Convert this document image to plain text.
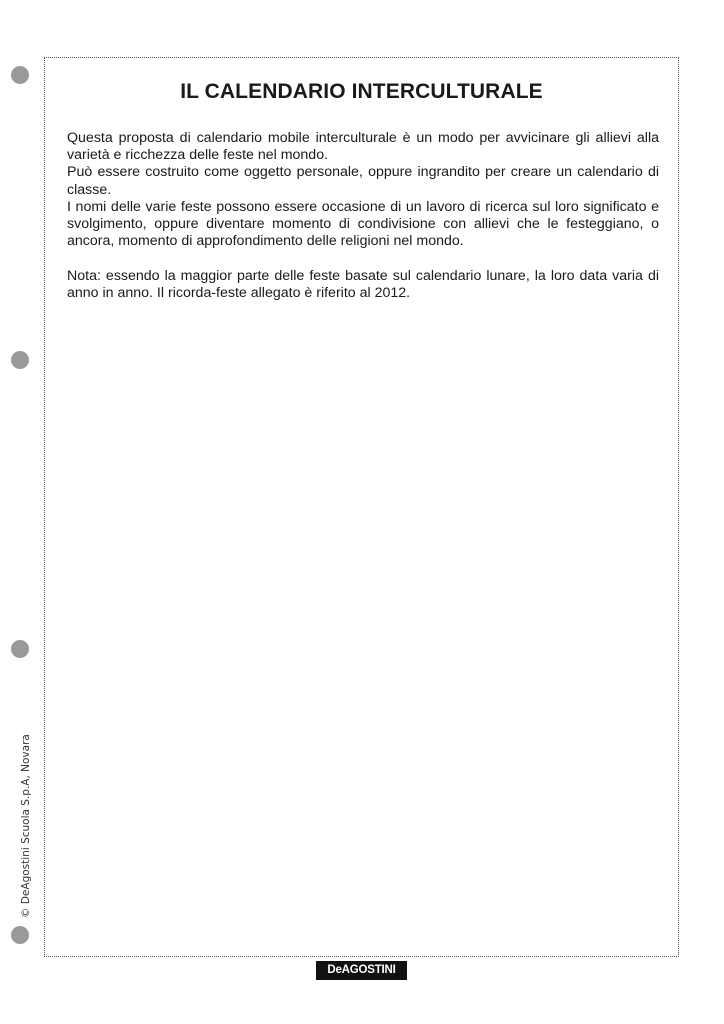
IL CALENDARIO INTERCULTURALE

Questa proposta di calendario mobile interculturale è un modo per avvicinare gli allievi alla varietà e ricchezza delle feste nel mondo.

Può essere costruito come oggetto personale, oppure ingrandito per creare un calendario di classe.

I nomi delle varie feste possono essere occasione di un lavoro di ricerca sul loro significato e svolgimento, oppure diventare momento di condivisione con allievi che le festeggiano, o ancora, momento di approfondimento delle religioni nel mondo.

Nota: essendo la maggior parte delle feste basate sul calendario lunare, la loro data varia di anno in anno. Il ricorda-feste allegato è riferito al 2012.

© DeAgostini Scuola S.p.A, Novara
DeAGOSTINI
